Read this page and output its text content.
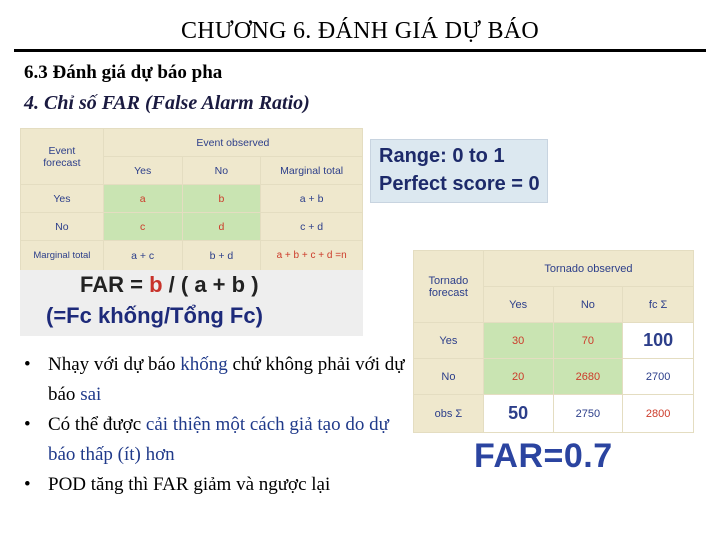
CHƯƠNG 6. ĐÁNH GIÁ DỰ BÁO
6.3 Đánh giá dự báo pha
4. Chỉ số FAR (False Alarm Ratio)
Event
forecast	Event observed		
	Yes	No	Marginal total
Yes	a	b	a + b
No	c	d	c + d
Marginal total	a + c	b + d	a + b + c + d =n
Range: 0 to 1
Perfect score = 0
FAR = b / ( a + b )
(=Fc khống/Tổng Fc)
• Nhạy với dự báo khống chứ không phải với dự báo sai
• Có thể được cải thiện một cách giả tạo do dự báo thấp (ít) hơn
• POD tăng thì FAR giảm và ngược lại
Tornado
forecast	Tornado observed		
	Yes	No	fc Σ
Yes	30	70	100
No	20	2680	2700
obs Σ	50	2750	2800
FAR=0.7
